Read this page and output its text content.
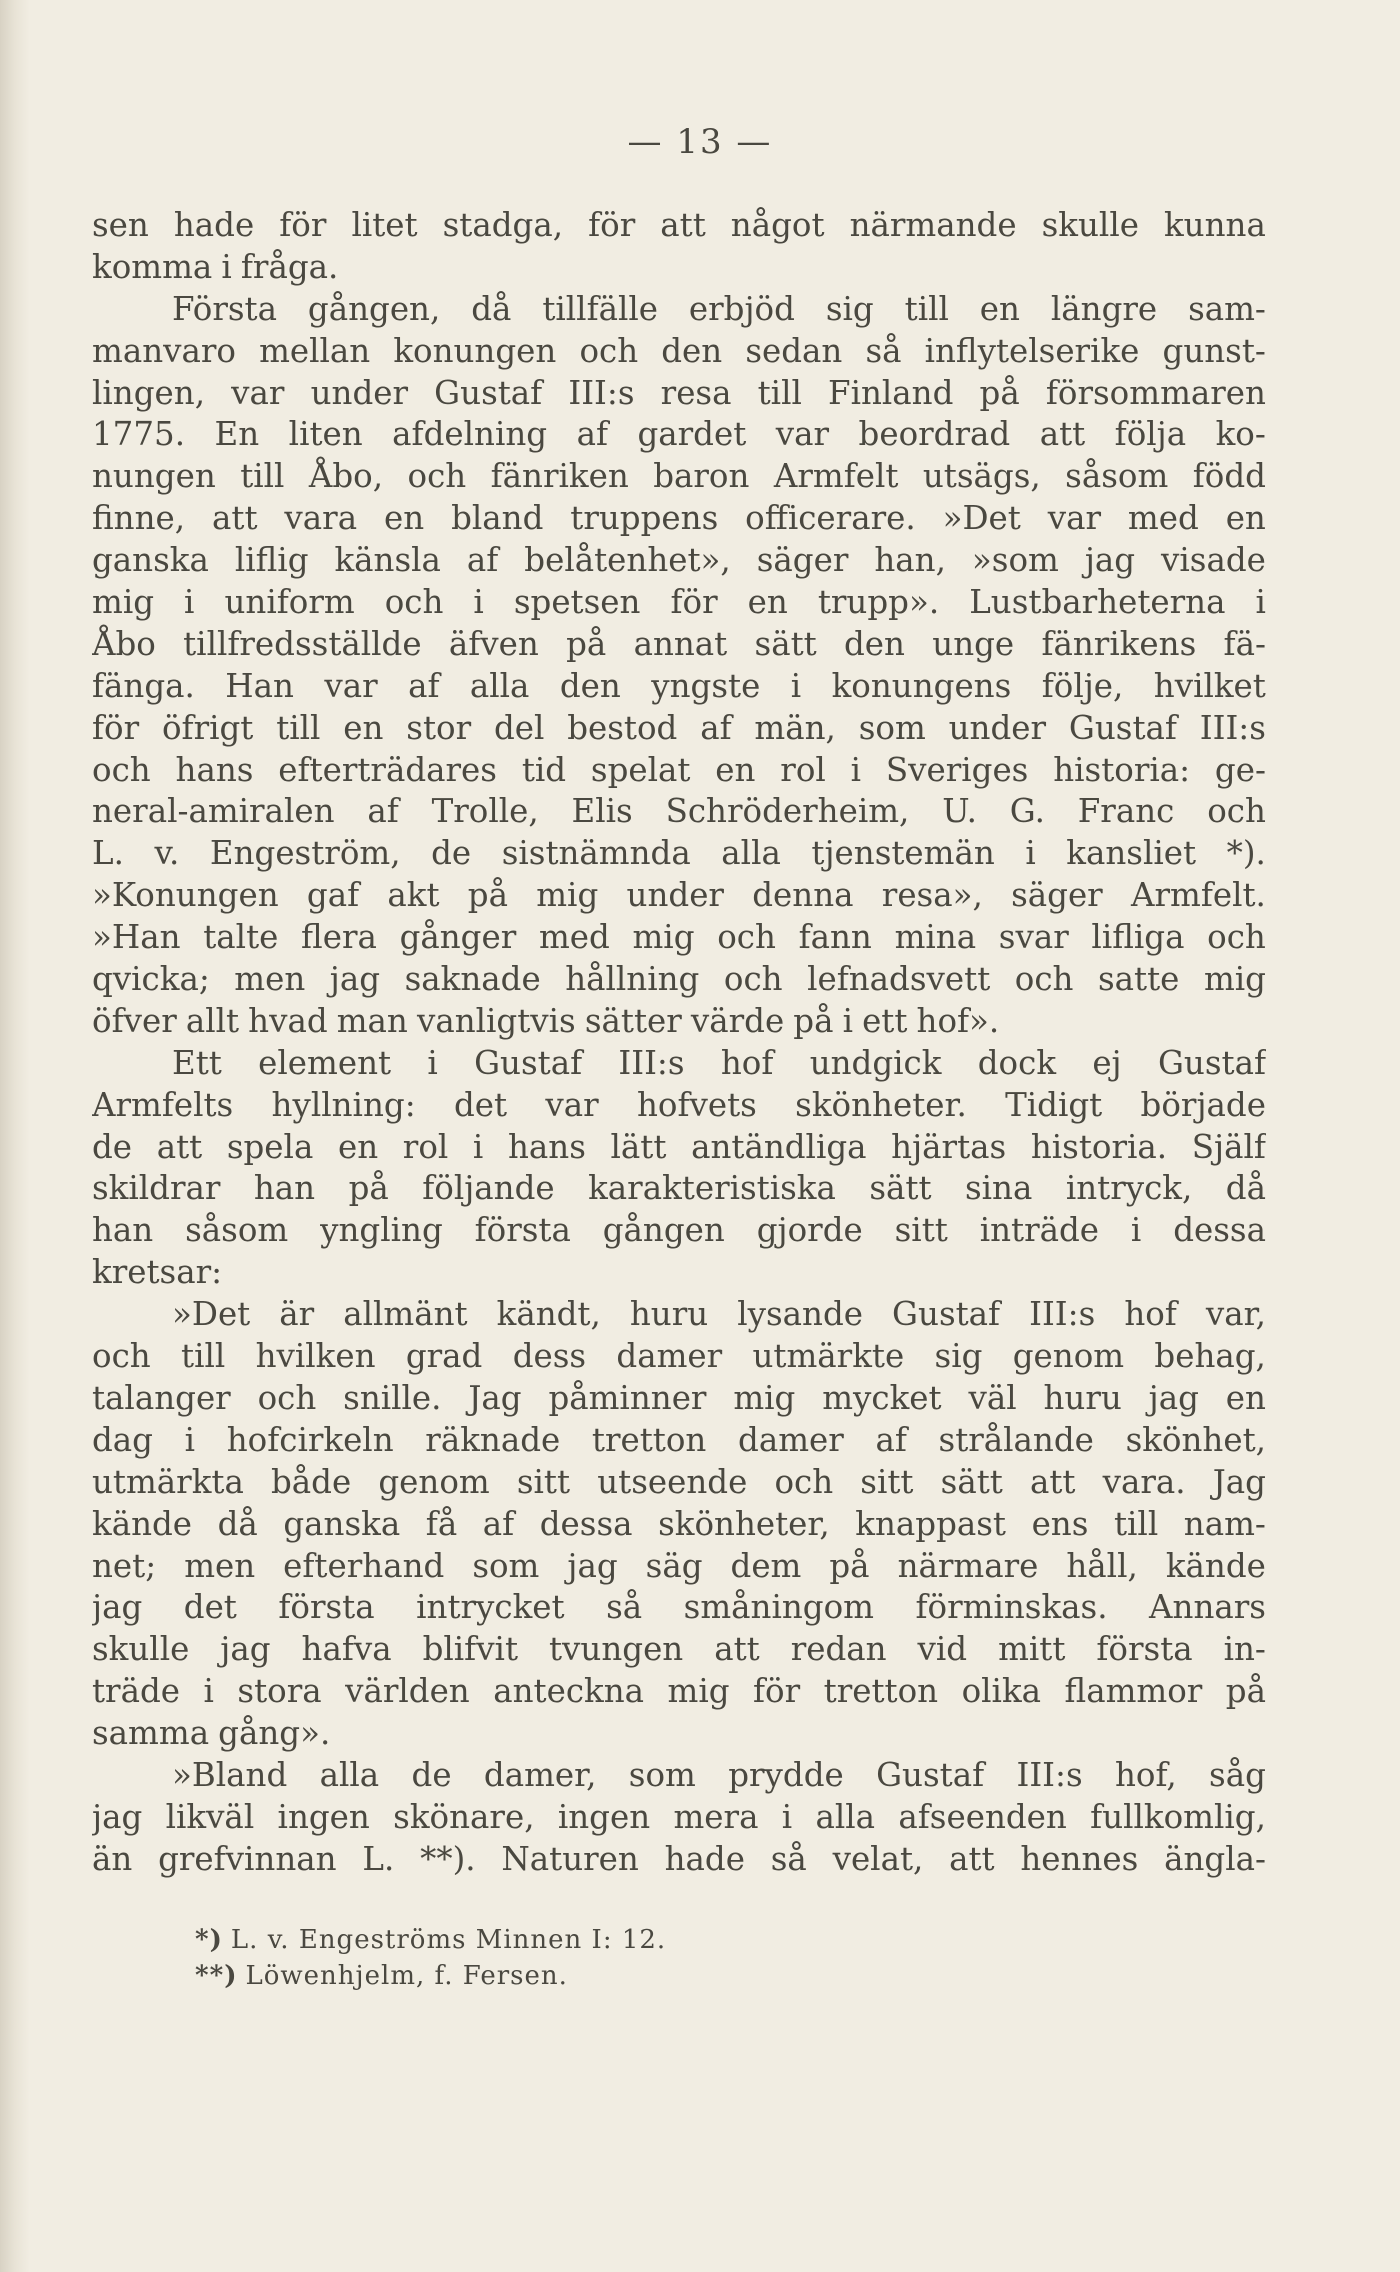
— 13 —
sen hade för litet stadga, för att något närmande skulle kunna
komma i fråga.
Första gången, då tillfälle erbjöd sig till en längre sam-
manvaro mellan konungen och den sedan så inflytelserike gunst-
lingen, var under Gustaf III:s resa till Finland på försommaren
1775. En liten afdelning af gardet var beordrad att följa ko-
nungen till Åbo, och fänriken baron Armfelt utsägs, såsom född
finne, att vara en bland truppens officerare. »Det var med en
ganska liflig känsla af belåtenhet», säger han, »som jag visade
mig i uniform och i spetsen för en trupp». Lustbarheterna i
Åbo tillfredsställde äfven på annat sätt den unge fänrikens fä-
fänga. Han var af alla den yngste i konungens följe, hvilket
för öfrigt till en stor del bestod af män, som under Gustaf III:s
och hans efterträdares tid spelat en rol i Sveriges historia: ge-
neral-amiralen af Trolle, Elis Schröderheim, U. G. Franc och
L. v. Engeström, de sistnämnda alla tjenstemän i kansliet *).
»Konungen gaf akt på mig under denna resa», säger Armfelt.
»Han talte flera gånger med mig och fann mina svar lifliga och
qvicka; men jag saknade hållning och lefnadsvett och satte mig
öfver allt hvad man vanligtvis sätter värde på i ett hof».
Ett element i Gustaf III:s hof undgick dock ej Gustaf
Armfelts hyllning: det var hofvets skönheter. Tidigt började
de att spela en rol i hans lätt antändliga hjärtas historia. Själf
skildrar han på följande karakteristiska sätt sina intryck, då
han såsom yngling första gången gjorde sitt inträde i dessa
kretsar:
»Det är allmänt kändt, huru lysande Gustaf III:s hof var,
och till hvilken grad dess damer utmärkte sig genom behag,
talanger och snille. Jag påminner mig mycket väl huru jag en
dag i hofcirkeln räknade tretton damer af strålande skönhet,
utmärkta både genom sitt utseende och sitt sätt att vara. Jag
kände då ganska få af dessa skönheter, knappast ens till nam-
net; men efterhand som jag säg dem på närmare håll, kände
jag det första intrycket så småningom förminskas. Annars
skulle jag hafva blifvit tvungen att redan vid mitt första in-
träde i stora världen anteckna mig för tretton olika flammor på
samma gång».
»Bland alla de damer, som prydde Gustaf III:s hof, såg
jag likväl ingen skönare, ingen mera i alla afseenden fullkomlig,
än grefvinnan L. **). Naturen hade så velat, att hennes ängla-
*) L. v. Engeströms Minnen I: 12.
**) Löwenhjelm, f. Fersen.
